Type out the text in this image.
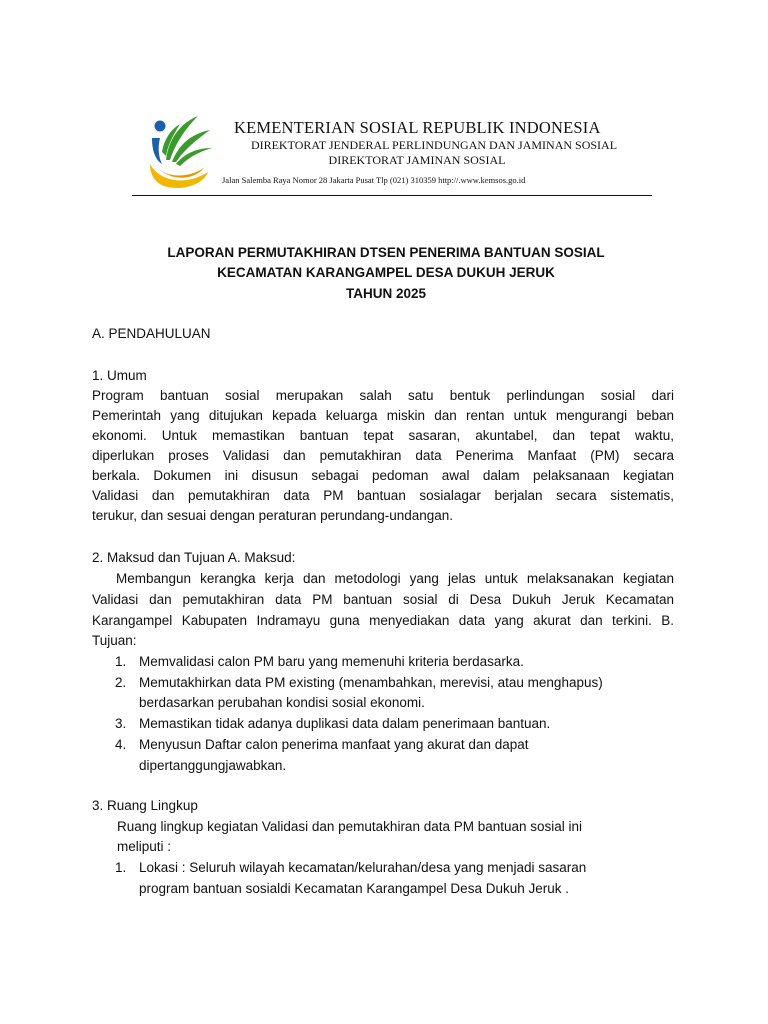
KEMENTERIAN SOSIAL REPUBLIK INDONESIA
DIREKTORAT JENDERAL PERLINDUNGAN DAN JAMINAN SOSIAL
DIREKTORAT JAMINAN SOSIAL
Jalan Salemba Raya Nomor 28 Jakarta Pusat Tlp (021) 310359 http://.www.kemsos.go.id
LAPORAN PERMUTAKHIRAN DTSEN PENERIMA BANTUAN SOSIAL
KECAMATAN KARANGAMPEL DESA DUKUH JERUK
TAHUN 2025
A. PENDAHULUAN
1. Umum
Program bantuan sosial merupakan salah satu bentuk perlindungan sosial dari
Pemerintah yang ditujukan kepada keluarga miskin dan rentan untuk mengurangi beban
ekonomi. Untuk memastikan bantuan tepat sasaran, akuntabel, dan tepat waktu,
diperlukan proses Validasi dan pemutakhiran data Penerima Manfaat (PM) secara
berkala. Dokumen ini disusun sebagai pedoman awal dalam pelaksanaan kegiatan
Validasi dan pemutakhiran data PM bantuan sosialagar berjalan secara sistematis,
terukur, dan sesuai dengan peraturan perundang-undangan.
2. Maksud dan Tujuan A. Maksud:
Membangun kerangka kerja dan metodologi yang jelas untuk melaksanakan kegiatan
Validasi dan pemutakhiran data PM bantuan sosial di Desa Dukuh Jeruk Kecamatan
Karangampel Kabupaten Indramayu guna menyediakan data yang akurat dan terkini. B.
Tujuan:
1. Memvalidasi calon PM baru yang memenuhi kriteria berdasarka.
2. Memutakhirkan data PM existing (menambahkan, merevisi, atau menghapus)
berdasarkan perubahan kondisi sosial ekonomi.
3. Memastikan tidak adanya duplikasi data dalam penerimaan bantuan.
4. Menyusun Daftar calon penerima manfaat yang akurat dan dapat
dipertanggungjawabkan.
3. Ruang Lingkup
Ruang lingkup kegiatan Validasi dan pemutakhiran data PM bantuan sosial ini
meliputi :
1. Lokasi : Seluruh wilayah kecamatan/kelurahan/desa yang menjadi sasaran
program bantuan sosialdi Kecamatan Karangampel Desa Dukuh Jeruk .
